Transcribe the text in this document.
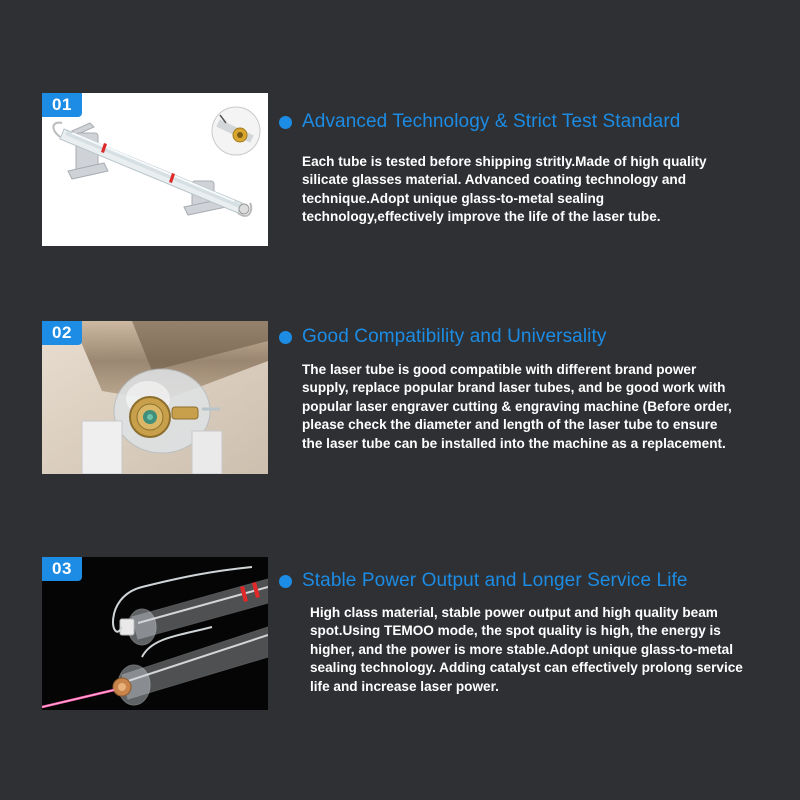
01
Advanced Technology & Strict Test Standard

Each tube is tested before shipping stritly.Made of high quality silicate glasses material. Advanced coating technology and technique.Adopt unique glass-to-metal sealing technology,effectively improve the life of the laser tube.

02	Good Compatibility and Universality

The laser tube is good compatible with different brand power supply, replace popular brand laser tubes, and be good work with popular laser engraver cutting & engraving machine (Before order, please check the diameter and length of the laser tube to ensure the laser tube can be installed into the machine as a replacement.

03
Stable Power Output and Longer Service Life

High class material, stable power output and high quality beam spot.Using TEMOO mode, the spot quality is high, the energy is higher, and the power is more stable.Adopt unique glass-to-metal sealing technology. Adding catalyst can effectively prolong service life and increase laser power.
